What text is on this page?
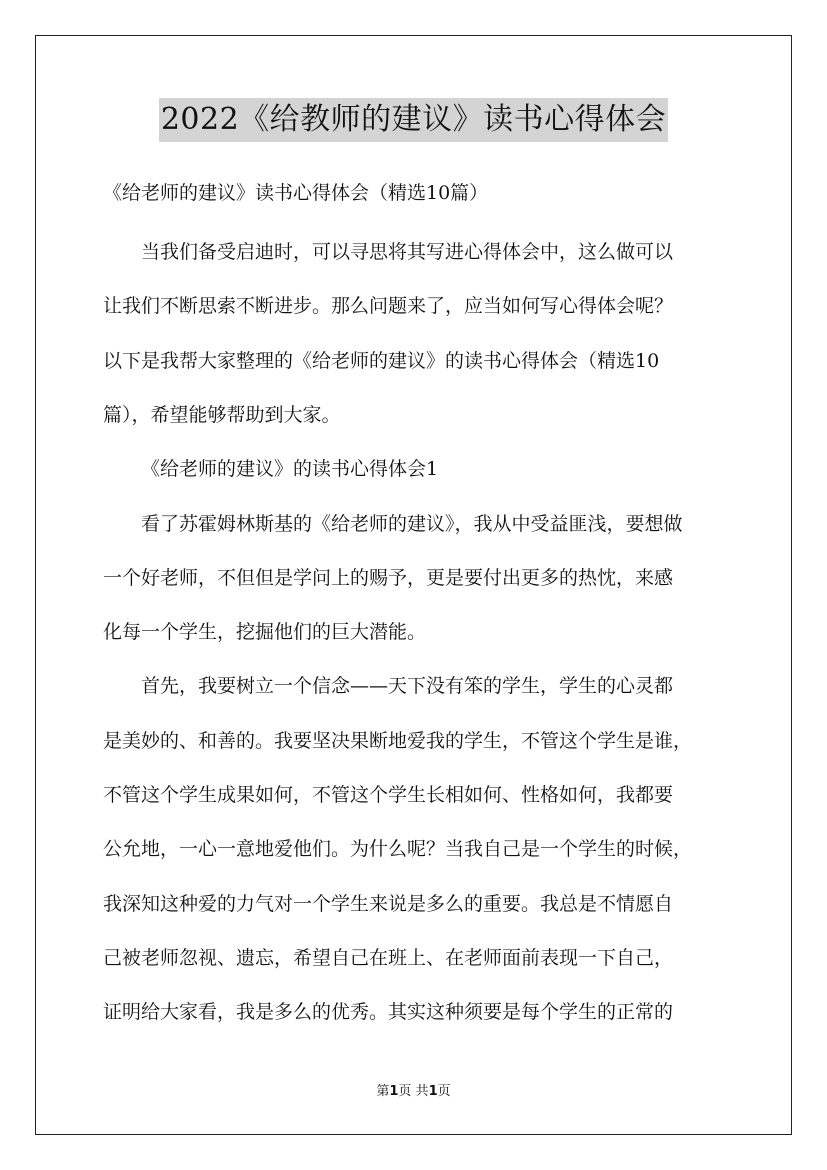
2022《给教师的建议》读书心得体会
《给老师的建议》读书心得体会（精选10篇）
当我们备受启迪时，可以寻思将其写进心得体会中，这么做可以
让我们不断思索不断进步。那么问题来了，应当如何写心得体会呢？
以下是我帮大家整理的《给老师的建议》的读书心得体会（精选10
篇），希望能够帮助到大家。
《给老师的建议》的读书心得体会1
看了苏霍姆林斯基的《给老师的建议》，我从中受益匪浅，要想做
一个好老师，不但但是学问上的赐予，更是要付出更多的热忱，来感
化每一个学生，挖掘他们的巨大潜能。
首先，我要树立一个信念——天下没有笨的学生，学生的心灵都
是美妙的、和善的。我要坚决果断地爱我的学生，不管这个学生是谁，
不管这个学生成果如何，不管这个学生长相如何、性格如何，我都要
公允地，一心一意地爱他们。为什么呢？当我自己是一个学生的时候，
我深知这种爱的力气对一个学生来说是多么的重要。我总是不情愿自
己被老师忽视、遗忘，希望自己在班上、在老师面前表现一下自己，
证明给大家看，我是多么的优秀。其实这种须要是每个学生的正常的
第1页 共1页
